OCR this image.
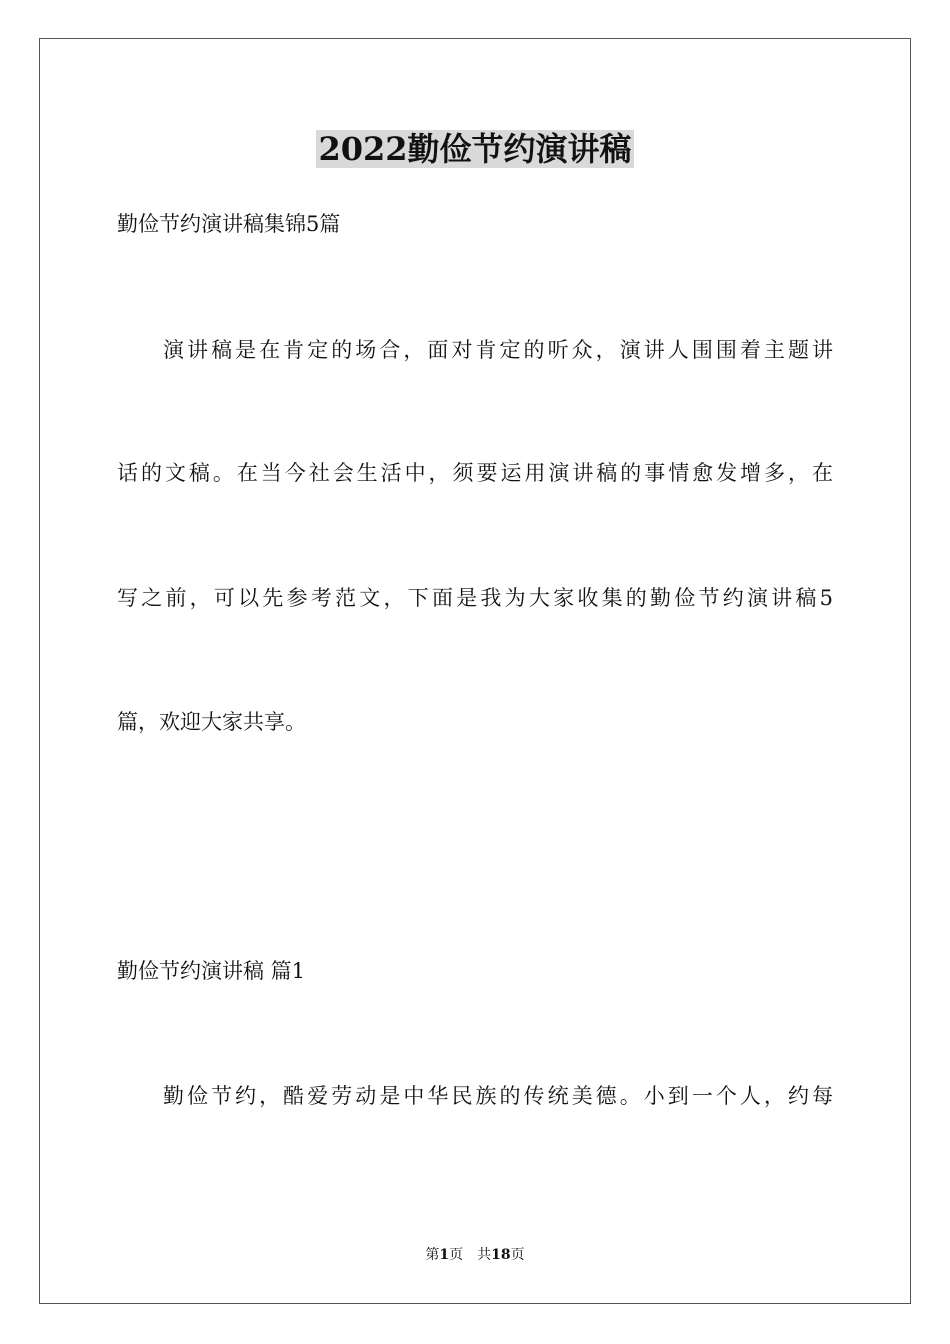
2022勤俭节约演讲稿
勤俭节约演讲稿集锦5篇
演讲稿是在肯定的场合，面对肯定的听众，演讲人围围着主题讲
话的文稿。在当今社会生活中，须要运用演讲稿的事情愈发增多，在
写之前，可以先参考范文，下面是我为大家收集的勤俭节约演讲稿5
篇，欢迎大家共享。
勤俭节约演讲稿 篇1
勤俭节约，酷爱劳动是中华民族的传统美德。小到一个人，约每
第1页 共18页
